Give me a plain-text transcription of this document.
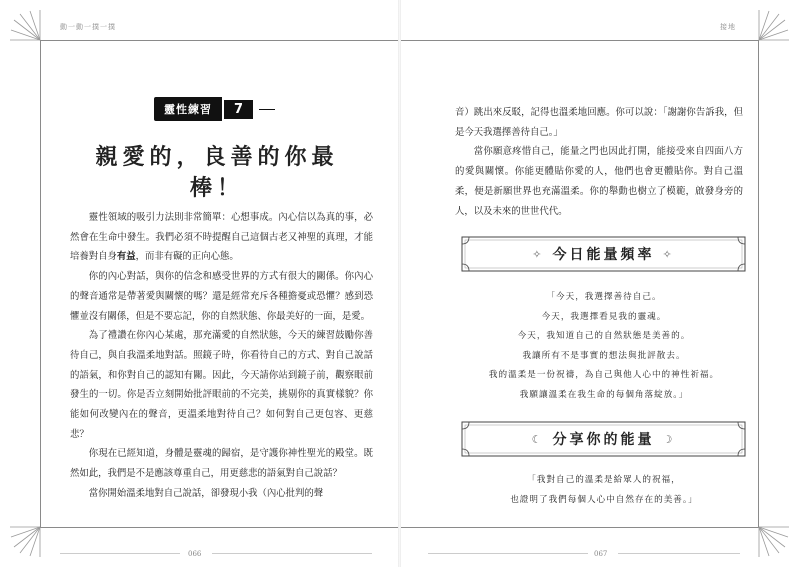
動一動一撲一撲	接地
靈性練習	7
親愛的，良善的你最棒！

靈性領域的吸引力法則非常簡單：心想事成。內心信以為真的事，必然會在生命中發生。我們必須不時提醒自己這個古老又神聖的真理，才能培養對自身有益，而非有礙的正向心態。

你的內心對話，與你的信念和感受世界的方式有很大的關係。你內心的聲音通常是帶著愛與關懷的嗎？還是經常充斥各種擔憂或恐懼？感到恐懼並沒有關係，但是不要忘記，你的自然狀態、你最美好的一面，是愛。

為了禮讚在你內心某處，那充滿愛的自然狀態，今天的練習鼓勵你善待自己，與自我溫柔地對話。照鏡子時，你看待自己的方式、對自己說話的語氣，和你對自己的認知有關。因此，今天請你站到鏡子前，觀察眼前發生的一切。你是否立刻開始批評眼前的不完美，挑剔你的真實樣貌？你能如何改變內在的聲音，更溫柔地對待自己？如何對自己更包容、更慈悲？

你現在已經知道，身體是靈魂的歸宿，是守護你神性聖光的殿堂。既然如此，我們是不是應該尊重自己，用更慈悲的語氣對自己說話？

當你開始溫柔地對自己說話，卻發現小我（內心批判的聲

066

音）跳出來反駁，記得也溫柔地回應。你可以說：「謝謝你告訴我，但是今天我選擇善待自己。」

當你願意疼惜自己，能量之門也因此打開，能接受來自四面八方的愛與關懷。你能更體貼你愛的人，他們也會更體貼你。對自己溫柔，便是新願世界也充滿溫柔。你的舉動也樹立了模範，啟發身旁的人，以及未來的世世代代。

✧ 今日能量頻率 ✧
「今天，我選擇善待自己。
今天，我選擇看見我的靈魂。
今天，我知道自己的自然狀態是美善的。
我讓所有不是事實的想法與批評散去。
我的溫柔是一份祝禱，為自己與他人心中的神性祈福。
我願讓溫柔在我生命的每個角落綻放。」
☾ 分享你的能量 ☽
「我對自己的溫柔是給眾人的祝福，
也證明了我們每個人心中自然存在的美善。」
067
